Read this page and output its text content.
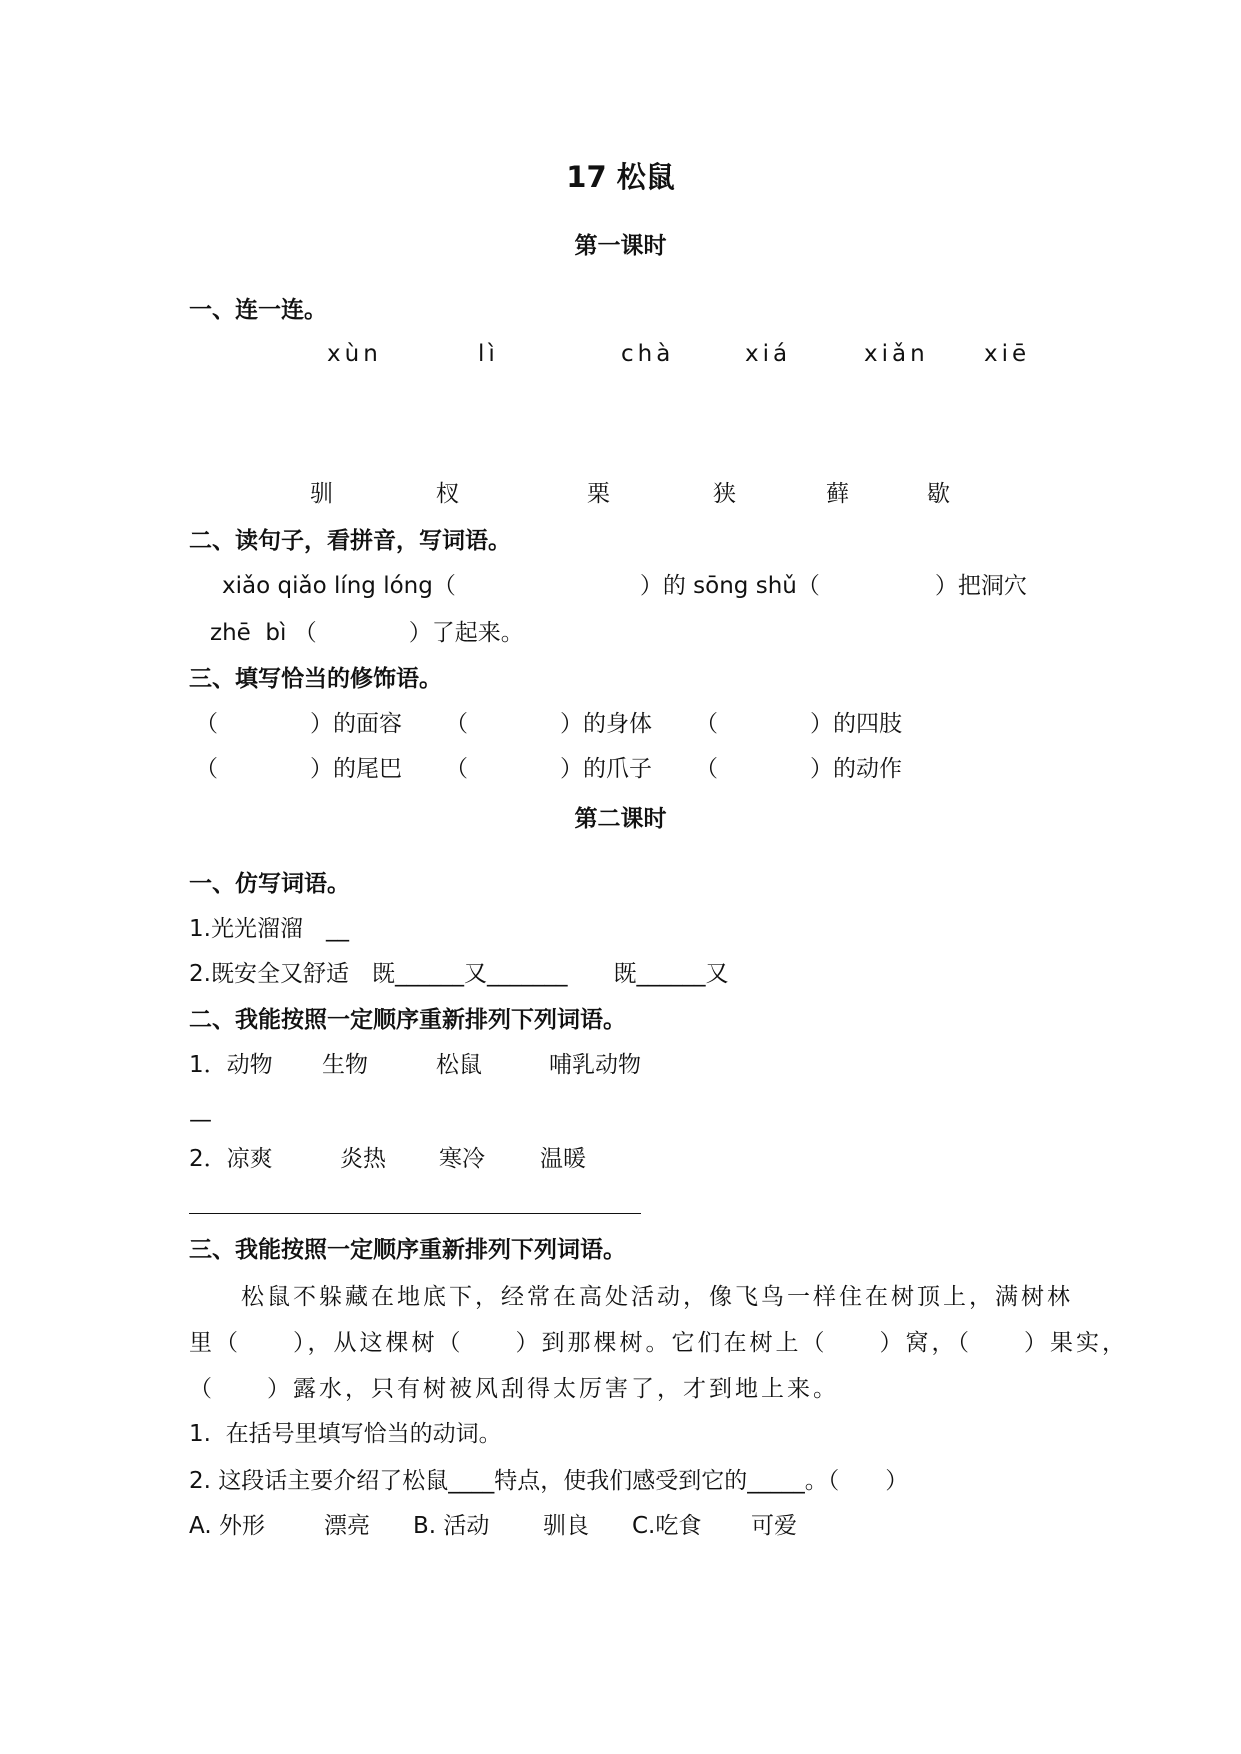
17 松鼠
第一课时
一、连一连。
xùn	lì	chà	xiá	xiǎn xiē
驯	杈	栗	狭	藓	歇
二、读句子，看拼音，写词语。
xiǎo qiǎo líng lóng（　　　　　　　　）的 sōng shǔ（　　　　　）把洞穴
zhē  bì （　　　　）了起来。
三、填写恰当的修饰语。
（　　　　）的面容 （　　　　）的身体 （　　　　）的四肢
（　　　　）的尾巴 （　　　　）的爪子 （　　　　）的动作
第二课时
一、仿写词语。
1.光光溜溜　__
2.既安全又舒适　既______又_______　　既______又
二、我能按照一定顺序重新排列下列词语。
1．动物 生物	松鼠	哺乳动物
—
2．凉爽	炎热 寒冷 温暖
三、我能按照一定顺序重新排列下列词语。
　　松鼠不躲藏在地底下，经常在高处活动，像飞鸟一样住在树顶上，满树林
里（　　），从这棵树（　　）到那棵树。它们在树上（　　）窝，（　　）果实，
（　　）露水，只有树被风刮得太厉害了，才到地上来。
1.  在括号里填写恰当的动词。
2. 这段话主要介绍了松鼠____特点，使我们感受到它的_____。（　　）
A. 外形	漂亮 B. 活动 驯良 C.吃食 可爱
